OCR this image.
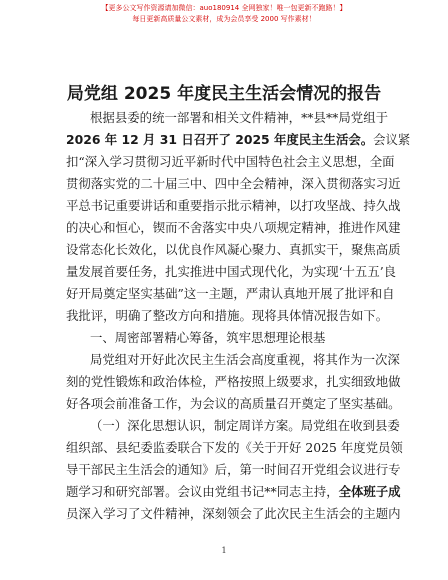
【更多公文写作资源请加微信：auo180914 全网独家！唯一包更新不跑路！】
每日更新高质量公文素材，成为会员享受 2000 写作素材！
局党组 2025 年度民主生活会情况的报告
根据县委的统一部署和相关文件精神，**县**局党组于
2026 年 12 月 31 日召开了 2025 年度民主生活会。会议紧
扣“深入学习贯彻习近平新时代中国特色社会主义思想，全面
贯彻落实党的二十届三中、四中全会精神，深入贯彻落实习近
平总书记重要讲话和重要指示批示精神，以打攻坚战、持久战
的决心和恒心，锲而不舍落实中央八项规定精神，推进作风建
设常态化长效化，以优良作风凝心聚力、真抓实干，聚焦高质
量发展首要任务，扎实推进中国式现代化，为实现‘十五五’良
好开局奠定坚实基础”这一主题，严肃认真地开展了批评和自
我批评，明确了整改方向和措施。现将具体情况报告如下。
一、周密部署精心筹备，筑牢思想理论根基
局党组对开好此次民主生活会高度重视，将其作为一次深
刻的党性锻炼和政治体检，严格按照上级要求，扎实细致地做
好各项会前准备工作，为会议的高质量召开奠定了坚实基础。
（一）深化思想认识，制定周详方案。局党组在收到县委
组织部、县纪委监委联合下发的《关于开好 2025 年度党员领
导干部民主生活会的通知》后，第一时间召开党组会议进行专
题学习和研究部署。会议由党组书记**同志主持，全体班子成
员深入学习了文件精神，深刻领会了此次民主生活会的主题内
1
